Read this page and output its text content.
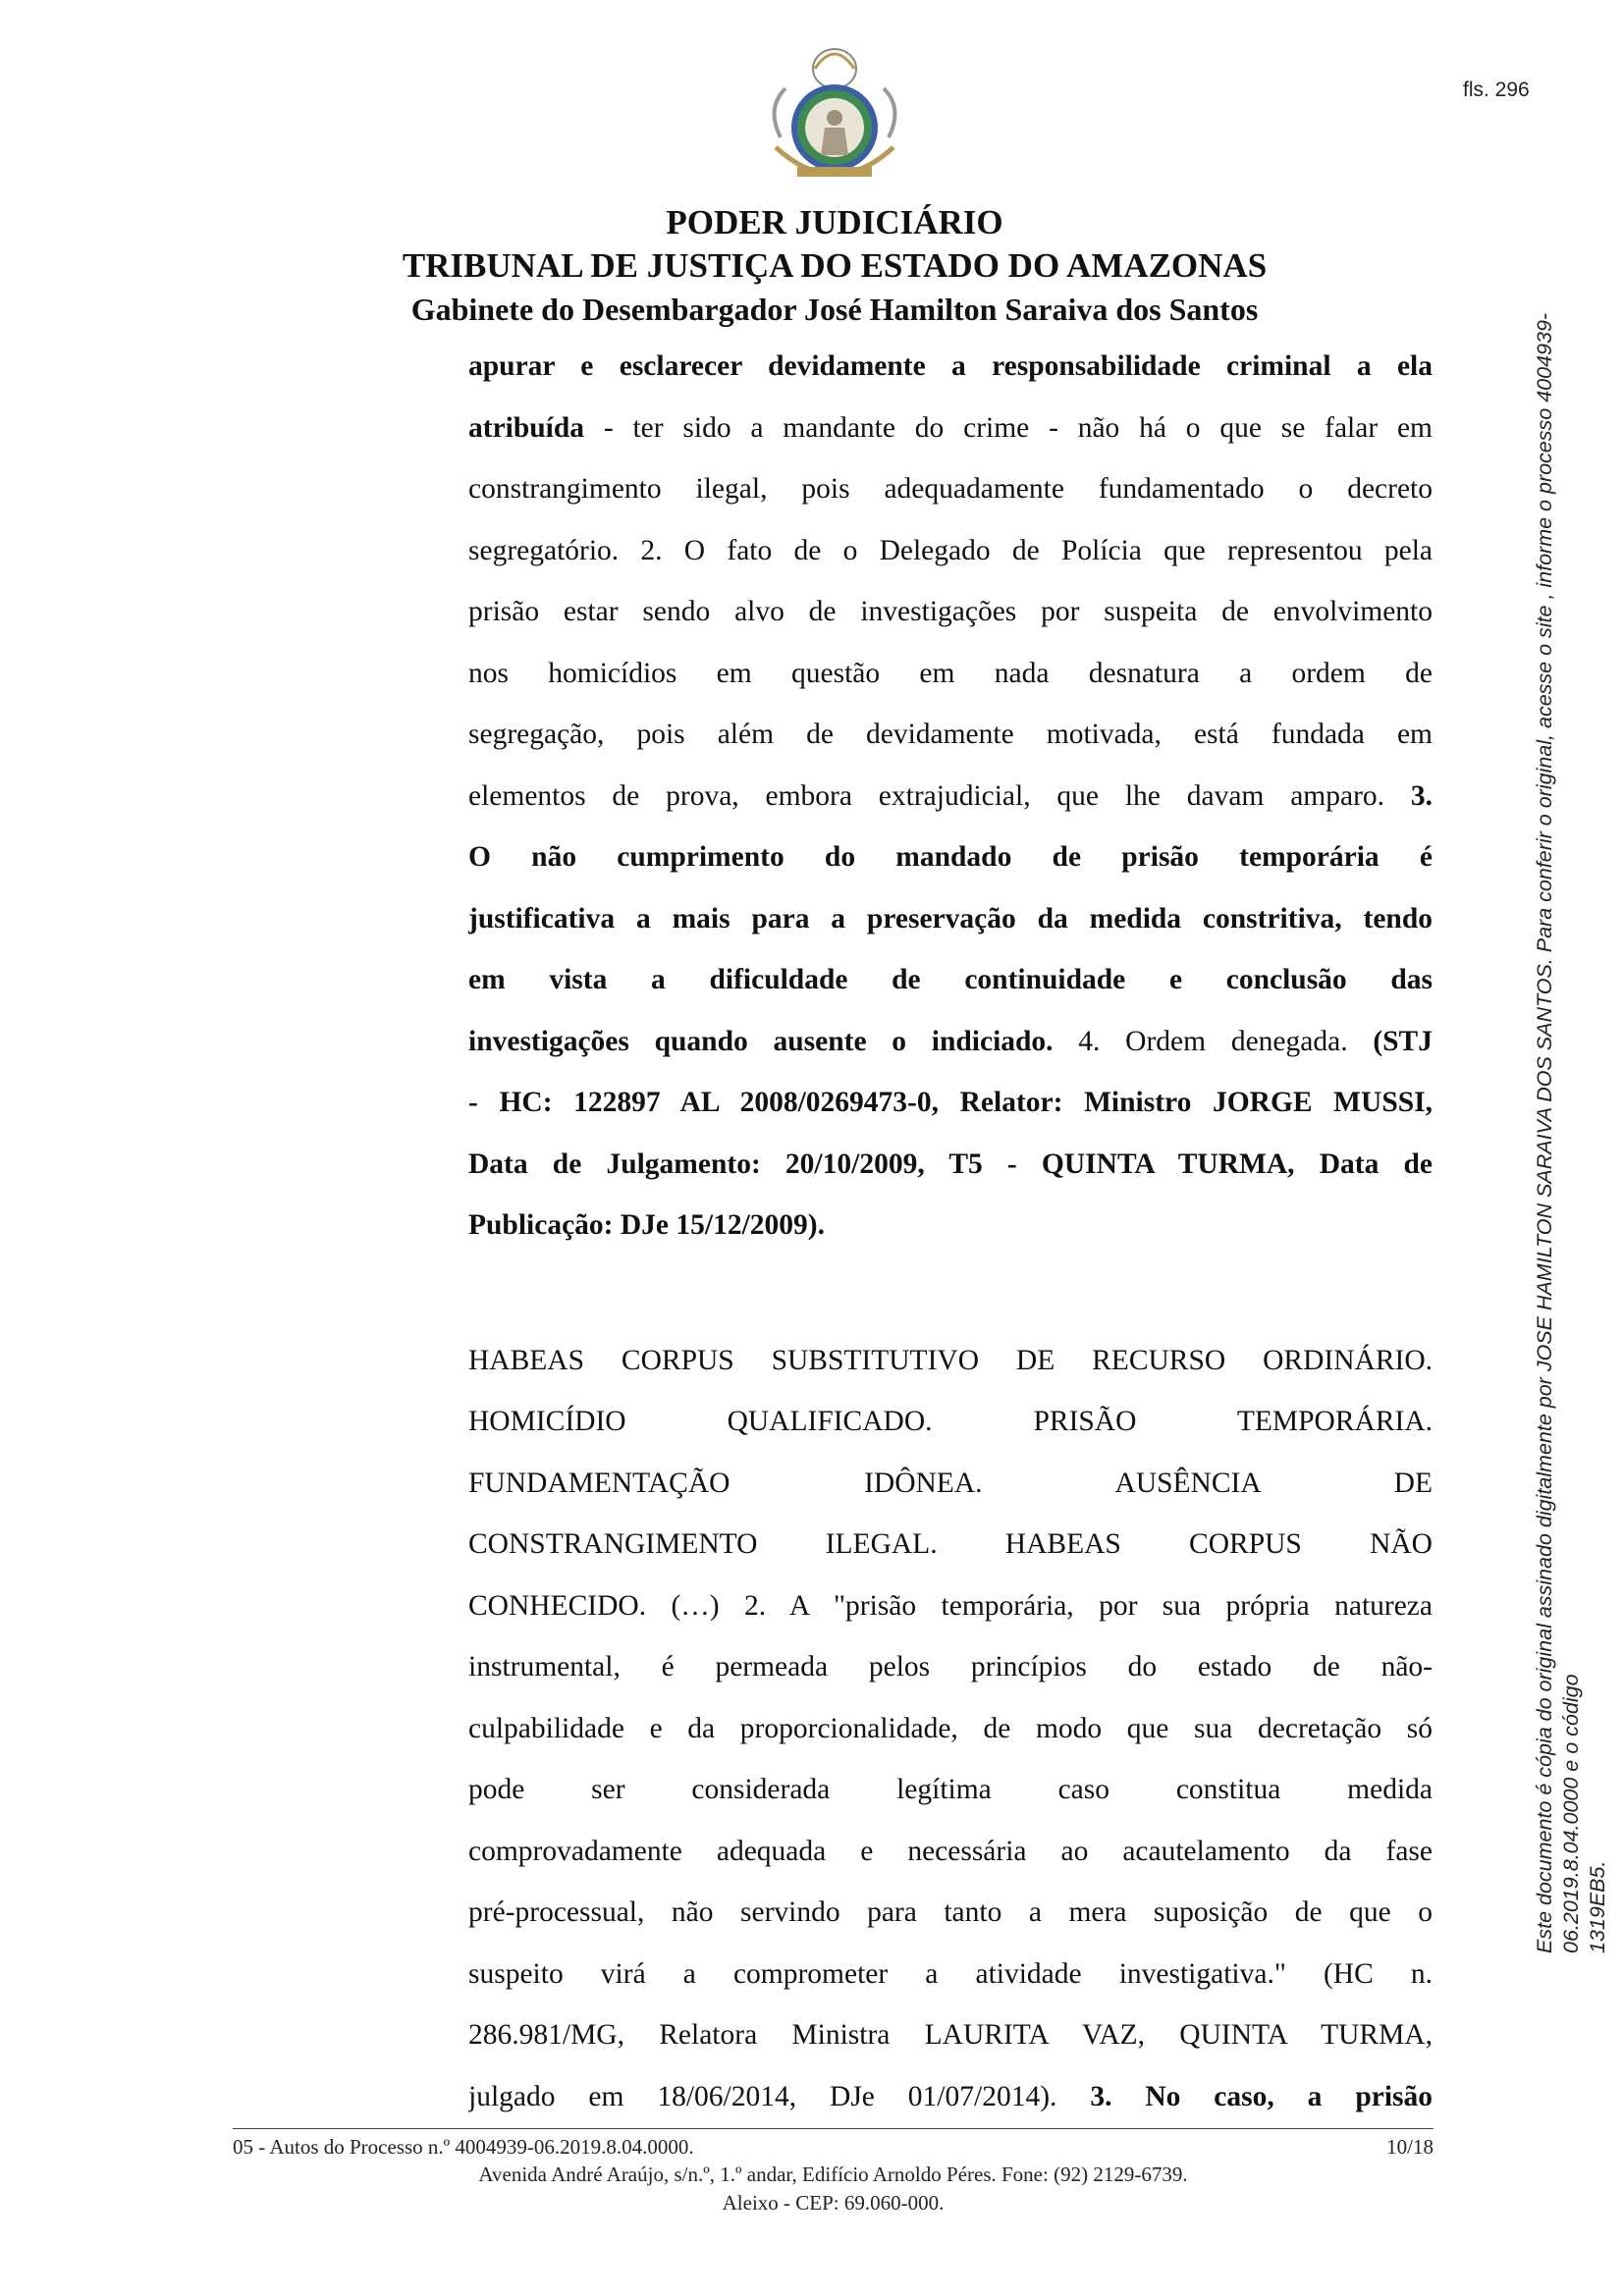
fls. 296
PODER JUDICIÁRIO
TRIBUNAL DE JUSTIÇA DO ESTADO DO AMAZONAS
Gabinete do Desembargador José Hamilton Saraiva dos Santos
apurar e esclarecer devidamente a responsabilidade criminal a ela
atribuída - ter sido a mandante do crime - não há o que se falar em
constrangimento ilegal, pois adequadamente fundamentado o decreto
segregatório. 2. O fato de o Delegado de Polícia que representou pela
prisão estar sendo alvo de investigações por suspeita de envolvimento
nos homicídios em questão em nada desnatura a ordem de
segregação, pois além de devidamente motivada, está fundada em
elementos de prova, embora extrajudicial, que lhe davam amparo. 3.
O não cumprimento do mandado de prisão temporária é
justificativa a mais para a preservação da medida constritiva, tendo
em vista a dificuldade de continuidade e conclusão das
investigações quando ausente o indiciado. 4. Ordem denegada. (STJ
- HC: 122897 AL 2008/0269473-0, Relator: Ministro JORGE MUSSI,
Data de Julgamento: 20/10/2009, T5 - QUINTA TURMA, Data de
Publicação: DJe 15/12/2009).
HABEAS CORPUS SUBSTITUTIVO DE RECURSO ORDINÁRIO.
HOMICÍDIO QUALIFICADO. PRISÃO TEMPORÁRIA.
FUNDAMENTAÇÃO IDÔNEA. AUSÊNCIA DE
CONSTRANGIMENTO ILEGAL. HABEAS CORPUS NÃO
CONHECIDO. (…) 2. A "prisão temporária, por sua própria natureza
instrumental, é permeada pelos princípios do estado de não-
culpabilidade e da proporcionalidade, de modo que sua decretação só
pode ser considerada legítima caso constitua medida
comprovadamente adequada e necessária ao acautelamento da fase
pré-processual, não servindo para tanto a mera suposição de que o
suspeito virá a comprometer a atividade investigativa." (HC n.
286.981/MG, Relatora Ministra LAURITA VAZ, QUINTA TURMA,
julgado em 18/06/2014, DJe 01/07/2014). 3. No caso, a prisão
05 - Autos do Processo n.º 4004939-06.2019.8.04.0000.	10/18
Avenida André Araújo, s/n.º, 1.º andar, Edifício Arnoldo Péres. Fone: (92) 2129-6739.
Aleixo - CEP: 69.060-000.
Este documento é cópia do original assinado digitalmente por JOSE HAMILTON SARAIVA DOS SANTOS. Para conferir o original, acesse o site , informe o processo 4004939-06.2019.8.04.0000 e o código 1319EB5.
